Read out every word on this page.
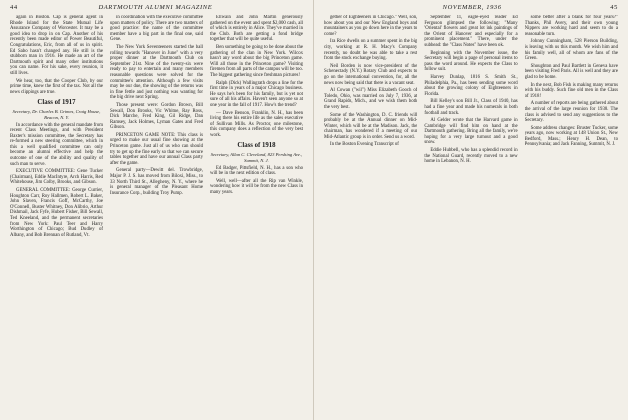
44	DARTMOUTH ALUMNI MAGAZINE

again in Boston. Cap is general agent in Rhode Island for the State Mutual Life Assurance Company of Worcester. It may be a good idea to drop in on Cap. Another of his recently been made editor of Power Beautiful, Congratulations, Eric, from all of us in spirit. Ed Sabo hasn't changed any. He still is the stubborn man in 1916. He made an art of the Dartmouth spirit and many other institutions you can name. For his sake, every reunion, it still lives.

We hear, too, that the Cooper Club, by our prime time, knew the first of the tax. Not all the news clippings are true.

Class of 1917

Secretary, Dr. Charles B. Grimes, Craig House, Beacon, N. Y.

In accordance with the general mandate from recent Class Meetings, and with President Baxter's mission committee, the Secretary has re-formed a new steering committee, which in this a well qualified committee can only become an alumni effective and help the outcome of one of the ability and quality of such man to serve.

EXECUTIVE COMMITTEE: Gene Tucker (Chairman), Eddie MacIntyre, Arch Harris, Red Whitehouse, Jim Colby, Brooks, and Gibson.

GENERAL COMMITTEE: George Currier, Houghton Carr, Roy Hallmen, Robert L. Baker, John Slaven, Francis Goff, McCarthy, Joe O'Connell, Buster Whitney, Don Alibrio, Arthur Dishmail, Jack Fyfe, Hubert Fisher, Bill Sewall, Ted Kneeland, and the permanent secretaries from New York: Paul Teer and Harry Worthington of Chicago; Bud Dudley of Albany, and Bob Brennan of Rutland, Vt.

in coordination with the executive committee upon matters of policy. There are two matters of good practice: the name of the committee member have a big part in the final one, said Gene.

The New York Seventeeners started the ball rolling towards "Hanover in June" with a very proper dinner at the Dartmouth Club on September 21st. Nine of the twenty-six were ready to pay to entertain and many members reasonable questions were solved for the committee's attention. Although a few visits may be our due, the showing of the returns was in fine fettle and just nothing was wanting for the big drive next Spring.

Those present were: Gordon Brown, Bill Sewall, Don Brooks, Vic Whitne, Ray Ross, Dick Marche, Fred King, Gil Ridge, Dan Ramsey, Jack Holmes, Lyman Gates and Fred Gibson.

PRINCETON GAME NOTE: This class is urged to make our usual fine showing at the Princeton game. Just all of us who can should try to get up the fine early so that we can secure tables together and have our annual Class party after the game.

General party—Dewitt del. Trowbridge, Major P. J. S. has moved from Biloxi, Miss., to 33 North Third St., Allegheny, N. Y., where he is general manager of the Pleasant Home Insurance Corp., building Troy Pump.

Ellwain and John Martin generously gathered on the event and spent $2,000 cash, all of which is entirely in Alice. They've married in the Club. Both are getting a fond bridge together that will be quite useful.

Ben something be going to be done about the gathering of the clan in New York. Wilcox hasn't any word about the big Princeton game. Will all those in the Princeton game? Visiting firemen from all parts of the campus will be too. The biggest gathering since freshman pictures!

Ralph (Dick) Wallingrath drops a line for the first time in years of a major Chicago business. He says he's been for his family, but is yet not sure of all his affairs. Haven't seen anyone so at one year in the fall of 1917. How's the trend?

— Dave Benson, Franklin, N. H., has been living there his entire life as the sales executive of Sullivan Mills. As Proctor, one milestone, this company does a reflection of the very best work.

Class of 1918

Secretary, Allan C. Cleveland, 823 Pershing Ave., Summit, N. J.

Ed Badger, Pittsfield, N. H., has a son who will be in the next edition of class.

Well, well—after all the Rip van Winkle, wondering how it will be from the new Class in many years.

NOVEMBER, 1936	45

gether of Eighteeners in Chicago." Well, son, how about you and our New England boys and mountainers as you go down here in the years to come?

Ira Rice dwells on a summer spent in the big city, working at R. H. Macy's Company recently, no doubt he was able to take a rest from the stock exchange buying.

Neil Borden is now vice-president of the Schenectady (N.Y.) Rotary Club and expects to go on the international convention, for, all the news now being said that there is a vacant seat.

Al Cowan ("wil") Miss Elizabeth Gooch of Toledo, Ohio, was married on July 7, 1936, at Grand Rapids, Mich., and we wish them both the very best.

Some of the Washington, D. C. friends will probably be at the Annual dinner on Mid-Winter, which will be at the Madison. Jack, the chairman, has wondered if a meeting of our Mid-Atlantic group is in order. Send us a word.

In the Boston Evening Transcript of

September 11, eagle-eyed reader Ed Ferguson glimpsed the following: "Many 'Oriental' flowers and great lot ink paintings of the Orient of Hanover and especially for a prominent placement." There, under the subhead: the "Class Notes" have been ok.

Beginning with the November issue, the Secretary will begin a page of personal items to pass the word around. He expects the Class to follow suit.

Harvey Dunlap, 1816 S. Smith St., Philadelphia, Pa., has been sending some word about the growing colony of Eighteeners in Florida.

Bill Kelley's son Bill Jr., Class of 1940, has had a fine year and made his numerals in both football and track.

Al Gelder wrote that the Harvard game in Cambridge will find him on hand at the Dartmouth gathering. Bring all the family, we're hoping for a very large turnout and a good snow.

Eddie Hubbell, who has a splendid record in the National Guard, recently moved to a new home in Lebanon, N. H.

some better after a blank for four years?" Thanks, Phil Avery, and their own young Nippers are working hard and seem to do a reasonable turn.

Johnny Cunningham, 528 Pierson Building, is leaving with us this month. We wish him and his family well, all of whom are fans of the Green.

Shoughton and Paul Bartlett in Geneva have been visiting Fred Paris. All is well and they are glad to be home.

In the next, Bob Fish is making many returns with his buddy. Such fine old men in the Class of 1918!

A number of reports are being gathered about the arrival of the large reunion for 1938. The class is advised to send any suggestions to the Secretary.

Some address changes: Bruster Tucker, some years ago, now working at 148 Union St., New Bedford, Mass.; Henry H. Dean, to Pennsylvania; and Jack Fanning, Summit, N. J.
